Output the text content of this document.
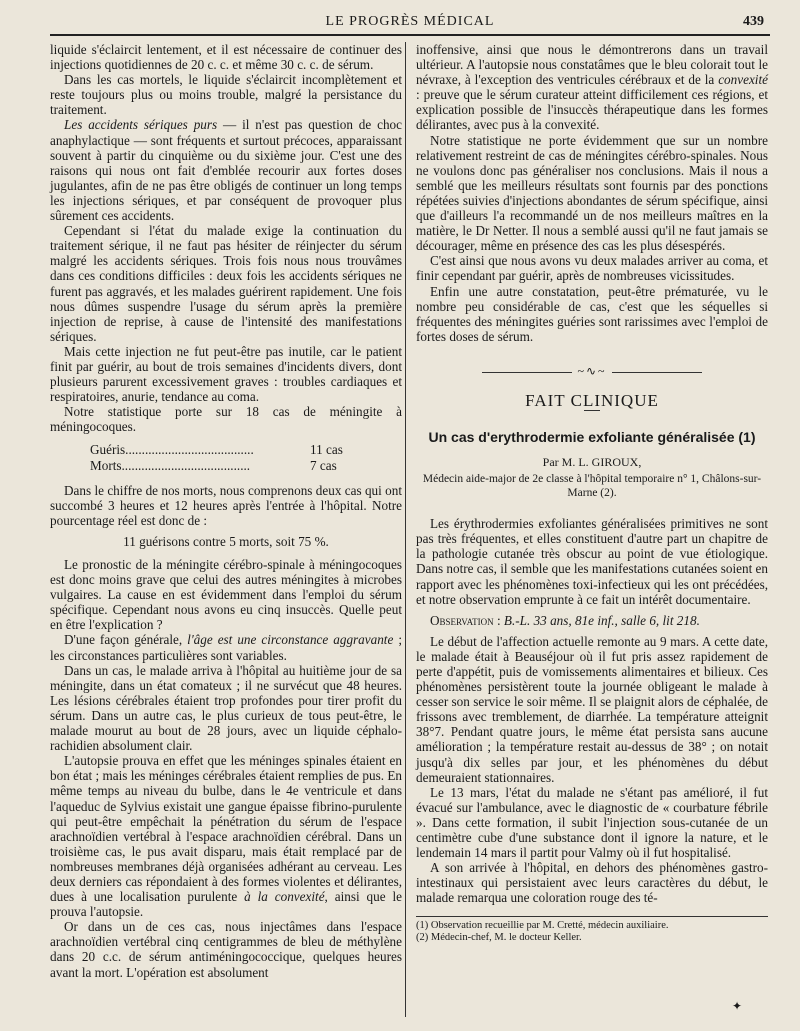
LE PROGRÈS MÉDICAL	439

liquide s'éclaircit lentement, et il est nécessaire de continuer des injections quotidiennes de 20 c. c. et même 30 c. c. de sérum.

Dans les cas mortels, le liquide s'éclaircit incomplètement et reste toujours plus ou moins trouble, malgré la persistance du traitement.

Les accidents sériques purs — il n'est pas question de choc anaphylactique — sont fréquents et surtout précoces, apparaissant souvent à partir du cinquième ou du sixième jour. C'est une des raisons qui nous ont fait d'emblée recourir aux fortes doses jugulantes, afin de ne pas être obligés de continuer un long temps les injections sériques, et par conséquent de provoquer plus sûrement ces accidents.

Cependant si l'état du malade exige la continuation du traitement sérique, il ne faut pas hésiter de réinjecter du sérum malgré les accidents sériques. Trois fois nous nous trouvâmes dans ces conditions difficiles : deux fois les accidents sériques ne furent pas aggravés, et les malades guérirent rapidement. Une fois nous dûmes suspendre l'usage du sérum après la première injection de reprise, à cause de l'intensité des manifestations sériques.

Mais cette injection ne fut peut-être pas inutile, car le patient finit par guérir, au bout de trois semaines d'incidents divers, dont plusieurs parurent excessivement graves : troubles cardiaques et respiratoires, anurie, tendance au coma.

Notre statistique porte sur 18 cas de méningite à méningocoques.

Guéris.......................................	11 cas
Morts.......................................	7 cas

Dans le chiffre de nos morts, nous comprenons deux cas qui ont succombé 3 heures et 12 heures après l'entrée à l'hôpital. Notre pourcentage réel est donc de :

11 guérisons contre 5 morts, soit 75 %.

Le pronostic de la méningite cérébro-spinale à méningocoques est donc moins grave que celui des autres méningites à microbes vulgaires. La cause en est évidemment dans l'emploi du sérum spécifique. Cependant nous avons eu cinq insuccès. Quelle peut en être l'explication ?

D'une façon générale, l'âge est une circonstance aggravante ; les circonstances particulières sont variables.

Dans un cas, le malade arriva à l'hôpital au huitième jour de sa méningite, dans un état comateux ; il ne survécut que 48 heures. Les lésions cérébrales étaient trop profondes pour tirer profit du sérum. Dans un autre cas, le plus curieux de tous peut-être, le malade mourut au bout de 28 jours, avec un liquide céphalo-rachidien absolument clair.

L'autopsie prouva en effet que les méninges spinales étaient en bon état ; mais les méninges cérébrales étaient remplies de pus. En même temps au niveau du bulbe, dans le 4e ventricule et dans l'aqueduc de Sylvius existait une gangue épaisse fibrino-purulente qui peut-être empêchait la pénétration du sérum de l'espace arachnoïdien vertébral à l'espace arachnoïdien cérébral. Dans un troisième cas, le pus avait disparu, mais était remplacé par de nombreuses membranes déjà organisées adhérant au cerveau. Les deux derniers cas répondaient à des formes violentes et délirantes, dues à une localisation purulente à la convexité, ainsi que le prouva l'autopsie.

Or dans un de ces cas, nous injectâmes dans l'espace arachnoïdien vertébral cinq centigrammes de bleu de méthylène dans 20 c.c. de sérum antiméningococcique, quelques heures avant la mort. L'opération est absolument

inoffensive, ainsi que nous le démontrerons dans un travail ultérieur. A l'autopsie nous constatâmes que le bleu colorait tout le névraxe, à l'exception des ventricules cérébraux et de la convexité : preuve que le sérum curateur atteint difficilement ces régions, et explication possible de l'insuccès thérapeutique dans les formes délirantes, avec pus à la convexité.

Notre statistique ne porte évidemment que sur un nombre relativement restreint de cas de méningites cérébro-spinales. Nous ne voulons donc pas généraliser nos conclusions. Mais il nous a semblé que les meilleurs résultats sont fournis par des ponctions répétées suivies d'injections abondantes de sérum spécifique, ainsi que d'ailleurs l'a recommandé un de nos meilleurs maîtres en la matière, le Dr Netter. Il nous a semblé aussi qu'il ne faut jamais se décourager, même en présence des cas les plus désespérés.

C'est ainsi que nous avons vu deux malades arriver au coma, et finir cependant par guérir, après de nombreuses vicissitudes.

Enfin une autre constatation, peut-être prématurée, vu le nombre peu considérable de cas, c'est que les séquelles si fréquentes des méningites guéries sont rarissimes avec l'emploi de fortes doses de sérum.

~∿~
FAIT CLINIQUE
Un cas d'erythrodermie exfoliante généralisée (1)
Par M. L. GIROUX,
Médecin aide-major de 2e classe à l'hôpital temporaire n° 1, Châlons-sur-Marne (2).

Les érythrodermies exfoliantes généralisées primitives ne sont pas très fréquentes, et elles constituent d'autre part un chapitre de la pathologie cutanée très obscur au point de vue étiologique. Dans notre cas, il semble que les manifestations cutanées soient en rapport avec les phénomènes toxi-infectieux qui les ont précédées, et notre observation emprunte à ce fait un intérêt documentaire.

Observation : B.-L. 33 ans, 81e inf., salle 6, lit 218.

Le début de l'affection actuelle remonte au 9 mars. A cette date, le malade était à Beauséjour où il fut pris assez rapidement de perte d'appétit, puis de vomissements alimentaires et bilieux. Ces phénomènes persistèrent toute la journée obligeant le malade à cesser son service le soir même. Il se plaignit alors de céphalée, de frissons avec tremblement, de diarrhée. La température atteignit 38°7. Pendant quatre jours, le même état persista sans aucune amélioration ; la température restait au-dessus de 38° ; on notait jusqu'à dix selles par jour, et les phénomènes du début demeuraient stationnaires.

Le 13 mars, l'état du malade ne s'étant pas amélioré, il fut évacué sur l'ambulance, avec le diagnostic de « courbature fébrile ». Dans cette formation, il subit l'injection sous-cutanée de un centimètre cube d'une substance dont il ignore la nature, et le lendemain 14 mars il partit pour Valmy où il fut hospitalisé.

A son arrivée à l'hôpital, en dehors des phénomènes gastro-intestinaux qui persistaient avec leurs caractères du début, le malade remarqua une coloration rouge des té-

(1) Observation recueillie par M. Cretté, médecin auxiliaire.
(2) Médecin-chef, M. le docteur Keller.
✦
